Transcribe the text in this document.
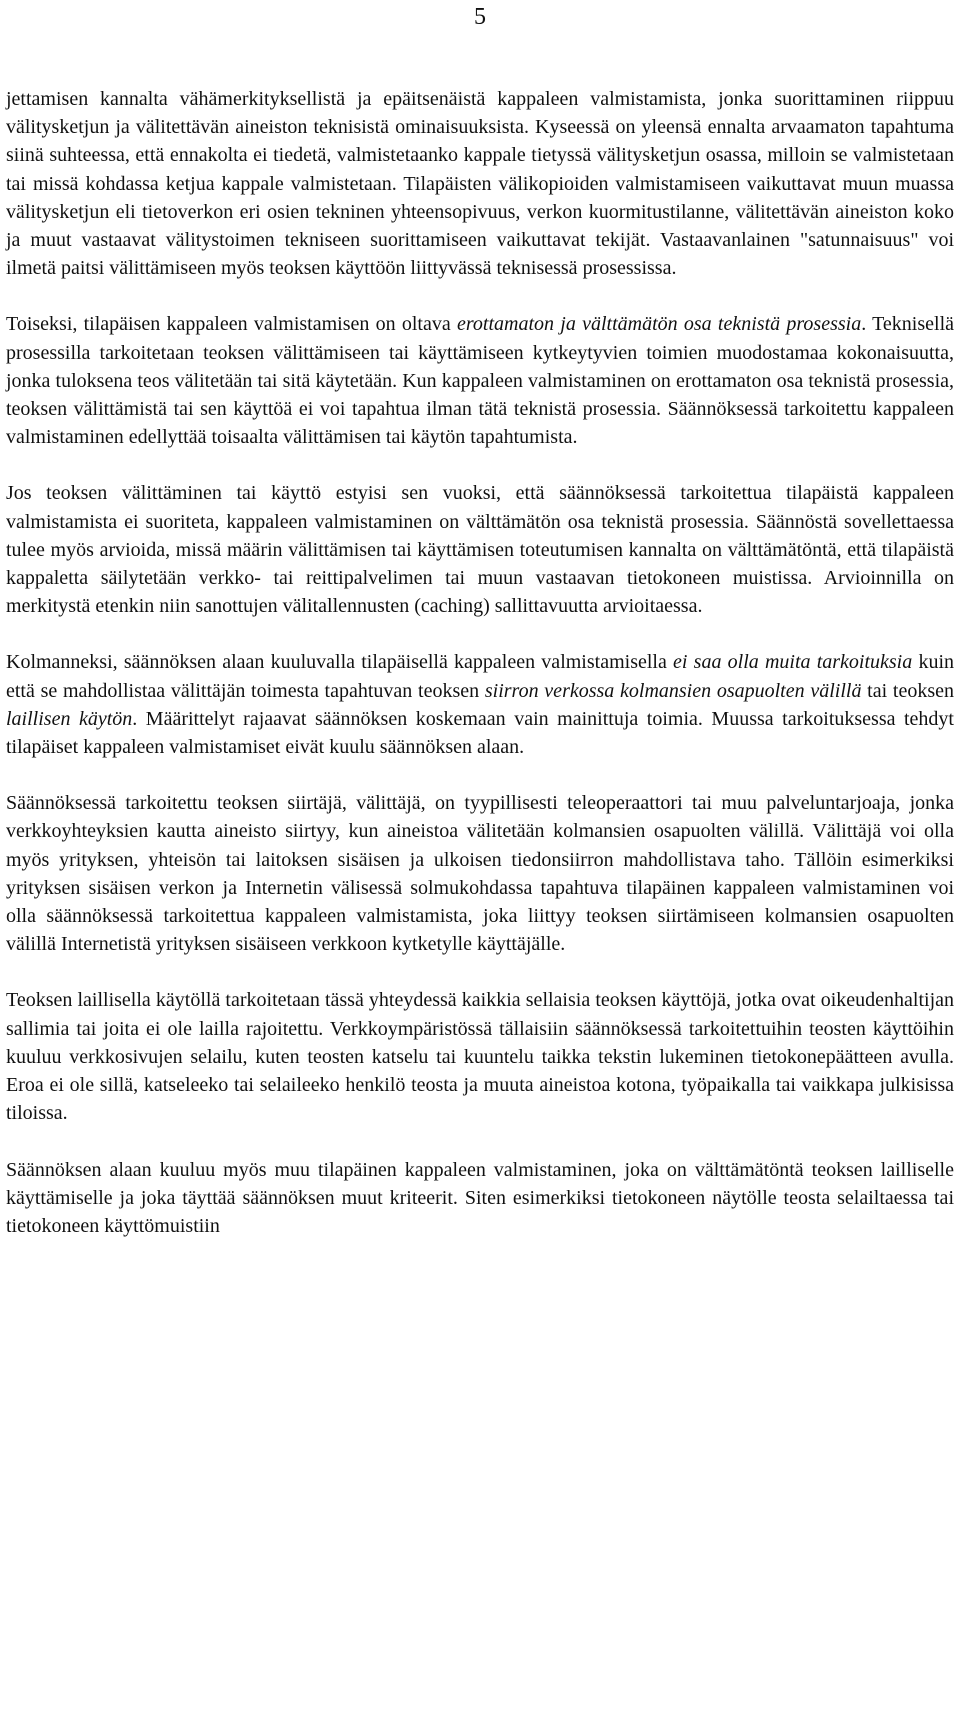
5

jettamisen kannalta vähämerkityksellistä ja epäitsenäistä kappaleen valmistamista, jonka suorittaminen riippuu välitysketjun ja välitettävän aineiston teknisistä ominaisuuksista. Kyseessä on yleensä ennalta arvaamaton tapahtuma siinä suhteessa, että ennakolta ei tiedetä, valmistetaanko kappale tietyssä välitysketjun osassa, milloin se valmistetaan tai missä kohdassa ketjua kappale valmistetaan. Tilapäisten välikopioiden valmistamiseen vaikuttavat muun muassa välitysketjun eli tietoverkon eri osien tekninen yhteensopivuus, verkon kuormitustilanne, välitettävän aineiston koko ja muut vastaavat välitystoimen tekniseen suorittamiseen vaikuttavat tekijät. Vastaavanlainen "satunnaisuus" voi ilmetä paitsi välittämiseen myös teoksen käyttöön liittyvässä teknisessä prosessissa.

Toiseksi, tilapäisen kappaleen valmistamisen on oltava erottamaton ja välttämätön osa teknistä prosessia. Teknisellä prosessilla tarkoitetaan teoksen välittämiseen tai käyttämiseen kytkeytyvien toimien muodostamaa kokonaisuutta, jonka tuloksena teos välitetään tai sitä käytetään. Kun kappaleen valmistaminen on erottamaton osa teknistä prosessia, teoksen välittämistä tai sen käyttöä ei voi tapahtua ilman tätä teknistä prosessia. Säännöksessä tarkoitettu kappaleen valmistaminen edellyttää toisaalta välittämisen tai käytön tapahtumista.

Jos teoksen välittäminen tai käyttö estyisi sen vuoksi, että säännöksessä tarkoitettua tilapäistä kappaleen valmistamista ei suoriteta, kappaleen valmistaminen on välttämätön osa teknistä prosessia. Säännöstä sovellettaessa tulee myös arvioida, missä määrin välittämisen tai käyttämisen toteutumisen kannalta on välttämätöntä, että tilapäistä kappaletta säilytetään verkko- tai reittipalvelimen tai muun vastaavan tietokoneen muistissa. Arvioinnilla on merkitystä etenkin niin sanottujen välitallennusten (caching) sallittavuutta arvioitaessa.

Kolmanneksi, säännöksen alaan kuuluvalla tilapäisellä kappaleen valmistamisella ei saa olla muita tarkoituksia kuin että se mahdollistaa välittäjän toimesta tapahtuvan teoksen siirron verkossa kolmansien osapuolten välillä tai teoksen laillisen käytön. Määrittelyt rajaavat säännöksen koskemaan vain mainittuja toimia. Muussa tarkoituksessa tehdyt tilapäiset kappaleen valmistamiset eivät kuulu säännöksen alaan.

Säännöksessä tarkoitettu teoksen siirtäjä, välittäjä, on tyypillisesti teleoperaattori tai muu palveluntarjoaja, jonka verkkoyhteyksien kautta aineisto siirtyy, kun aineistoa välitetään kolmansien osapuolten välillä. Välittäjä voi olla myös yrityksen, yhteisön tai laitoksen sisäisen ja ulkoisen tiedonsiirron mahdollistava taho. Tällöin esimerkiksi yrityksen sisäisen verkon ja Internetin välisessä solmukohdassa tapahtuva tilapäinen kappaleen valmistaminen voi olla säännöksessä tarkoitettua kappaleen valmistamista, joka liittyy teoksen siirtämiseen kolmansien osapuolten välillä Internetistä yrityksen sisäiseen verkkoon kytketylle käyttäjälle.

Teoksen laillisella käytöllä tarkoitetaan tässä yhteydessä kaikkia sellaisia teoksen käyttöjä, jotka ovat oikeudenhaltijan sallimia tai joita ei ole lailla rajoitettu. Verkkoympäristössä tällaisiin säännöksessä tarkoitettuihin teosten käyttöihin kuuluu verkkosivujen selailu, kuten teosten katselu tai kuuntelu taikka tekstin lukeminen tietokonepäätteen avulla. Eroa ei ole sillä, katseleeko tai selaileeko henkilö teosta ja muuta aineistoa kotona, työpaikalla tai vaikkapa julkisissa tiloissa.

Säännöksen alaan kuuluu myös muu tilapäinen kappaleen valmistaminen, joka on välttämätöntä teoksen lailliselle käyttämiselle ja joka täyttää säännöksen muut kriteerit. Siten esimerkiksi tietokoneen näytölle teosta selailtaessa tai tietokoneen käyttömuistiin
